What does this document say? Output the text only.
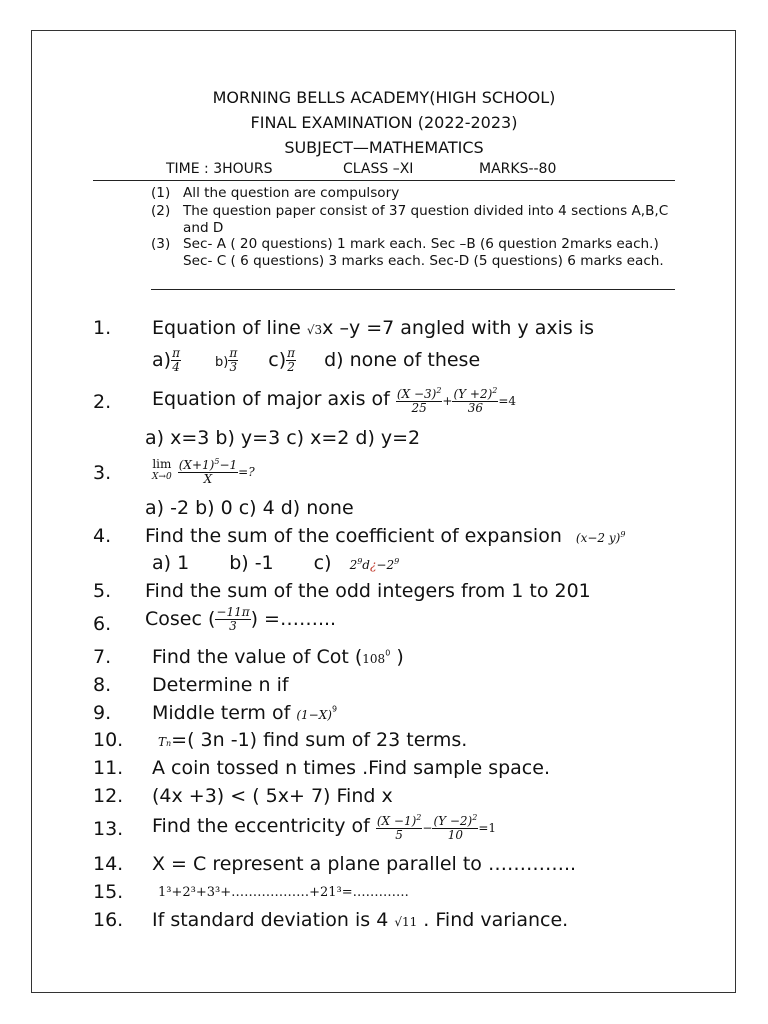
MORNING BELLS ACADEMY(HIGH SCHOOL)
FINAL EXAMINATION (2022-2023)
SUBJECT—MATHEMATICS
TIME : 3HOURS	CLASS –XI	MARKS--80
(1) All the question are compulsory
(2) The question paper consist of 37 question divided into 4 sections A,B,C and D
(3) Sec- A ( 20 questions) 1 mark each. Sec –B (6 question 2marks each.) Sec- C ( 6 questions) 3 marks each. Sec-D (5 questions) 6 marks each.
1. Equation of line √3x –y =7 angled with y axis is
$a) \frac{\pi}{4}$	$b) \frac{\pi}{3} c) \frac{\pi}{2} d$) none of these
2. Equation of major axis of $\frac{(X -3)^2}{25} + \frac{(Y +2)^2}{36} =4$
a) x=3 b) y=3 c) x=2 d) y=2
3.	lim
X→0
$\frac{(X+1)^5-1}{X}$ =?
a) -2 b) 0 c) 4 d) none
4. Find the sum of the coefficient of expansion (x−2 y)$^9$
a) 1 b) -1 c) $2^9d¿-2^9$
5. Find the sum of the odd integers from 1 to 201
6. Cosec ( $\frac{-11\pi}{3}$ ) =……...
7. Find the value of Cot ($108^0$ )
8. Determine n if
9. Middle term of $(1-X)^9$
10.	Tn=( 3n -1) find sum of 23 terms.
11. A coin tossed n times .Find sample space.
12. (4x +3) < ( 5x+ 7) Find x
13. Find the eccentricity of $\frac{(X -1)^2}{5} - \frac{(Y -2)^2}{10} =1$
14. X = C represent a plane parallel to …………..
15.	1³+2³+3³+………………+21³=………….
16. If standard deviation is 4 √11 . Find variance.
